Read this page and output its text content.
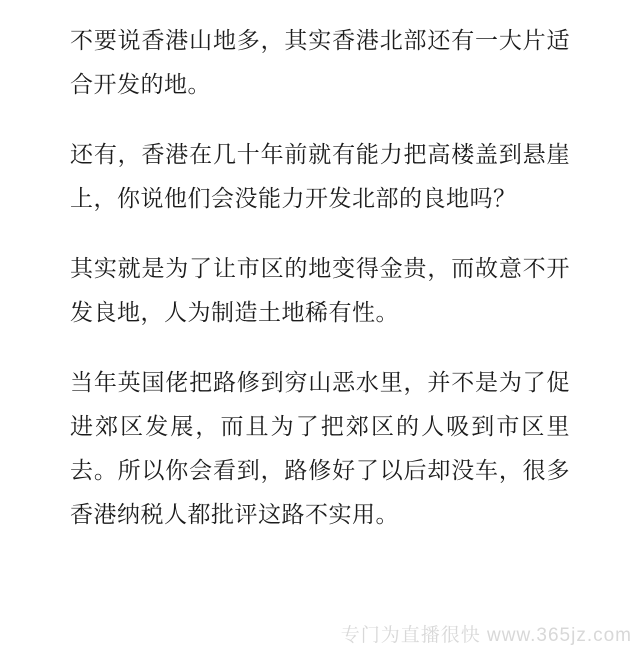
不要说香港山地多，其实香港北部还有一大片适合开发的地。

还有，香港在几十年前就有能力把高楼盖到悬崖上，你说他们会没能力开发北部的良地吗？

其实就是为了让市区的地变得金贵，而故意不开发良地，人为制造土地稀有性。

当年英国佬把路修到穷山恶水里，并不是为了促进郊区发展，而且为了把郊区的人吸到市区里去。所以你会看到，路修好了以后却没车，很多香港纳税人都批评这路不实用。

专门为直播很快 www.365jz.com
